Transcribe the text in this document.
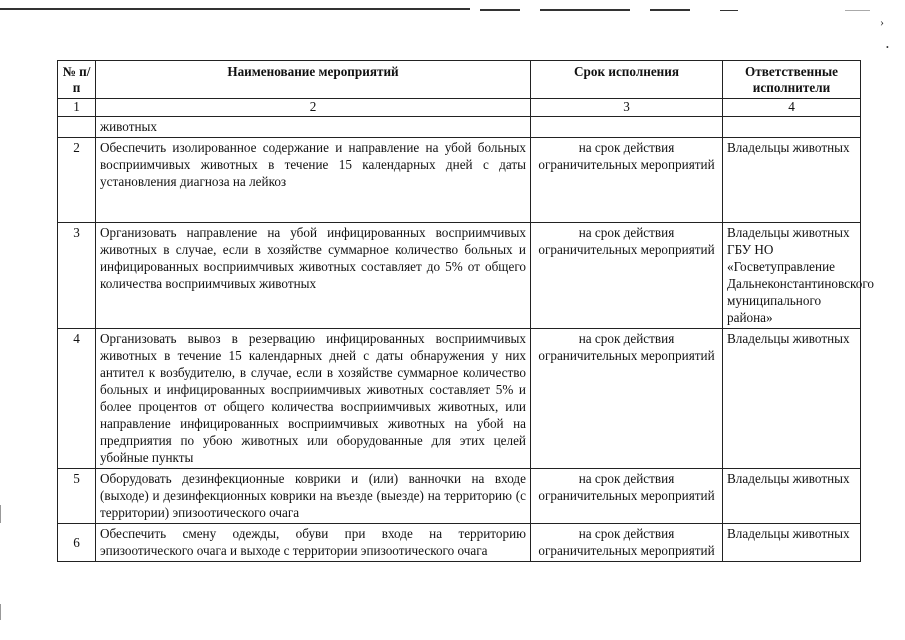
›
•
№ п/п	Наименование мероприятий	Срок исполнения	Ответственные исполнители
1	2	3	4
	животных		
2	Обеспечить изолированное содержание и направление на убой больных восприимчивых животных в течение 15 календарных дней с даты установления диагноза на лейкоз	на срок действия ограничительных мероприятий	Владельцы животных
3	Организовать направление на убой инфицированных восприимчивых животных в случае, если в хозяйстве суммарное количество больных и инфицированных восприимчивых животных составляет до 5% от общего количества восприимчивых животных	на срок действия ограничительных мероприятий	Владельцы животных ГБУ НО «Госветуправление Дальнеконстантиновского муниципального района»
4	Организовать вывоз в резервацию инфицированных восприимчивых животных в течение 15 календарных дней с даты обнаружения у них антител к возбудителю, в случае, если в хозяйстве суммарное количество больных и инфицированных восприимчивых животных составляет 5% и более процентов от общего количества восприимчивых животных, или направление инфицированных восприимчивых животных на убой на предприятия по убою животных или оборудованные для этих целей убойные пункты	на срок действия ограничительных мероприятий	Владельцы животных
5	Оборудовать дезинфекционные коврики и (или) ванночки на входе (выходе) и дезинфекционных коврики на въезде (выезде) на территорию (с территории) эпизоотического очага	на срок действия ограничительных мероприятий	Владельцы животных
6	Обеспечить смену одежды, обуви при входе на территорию эпизоотического очага и выходе с территории эпизоотического очага	на срок действия ограничительных мероприятий	Владельцы животных
